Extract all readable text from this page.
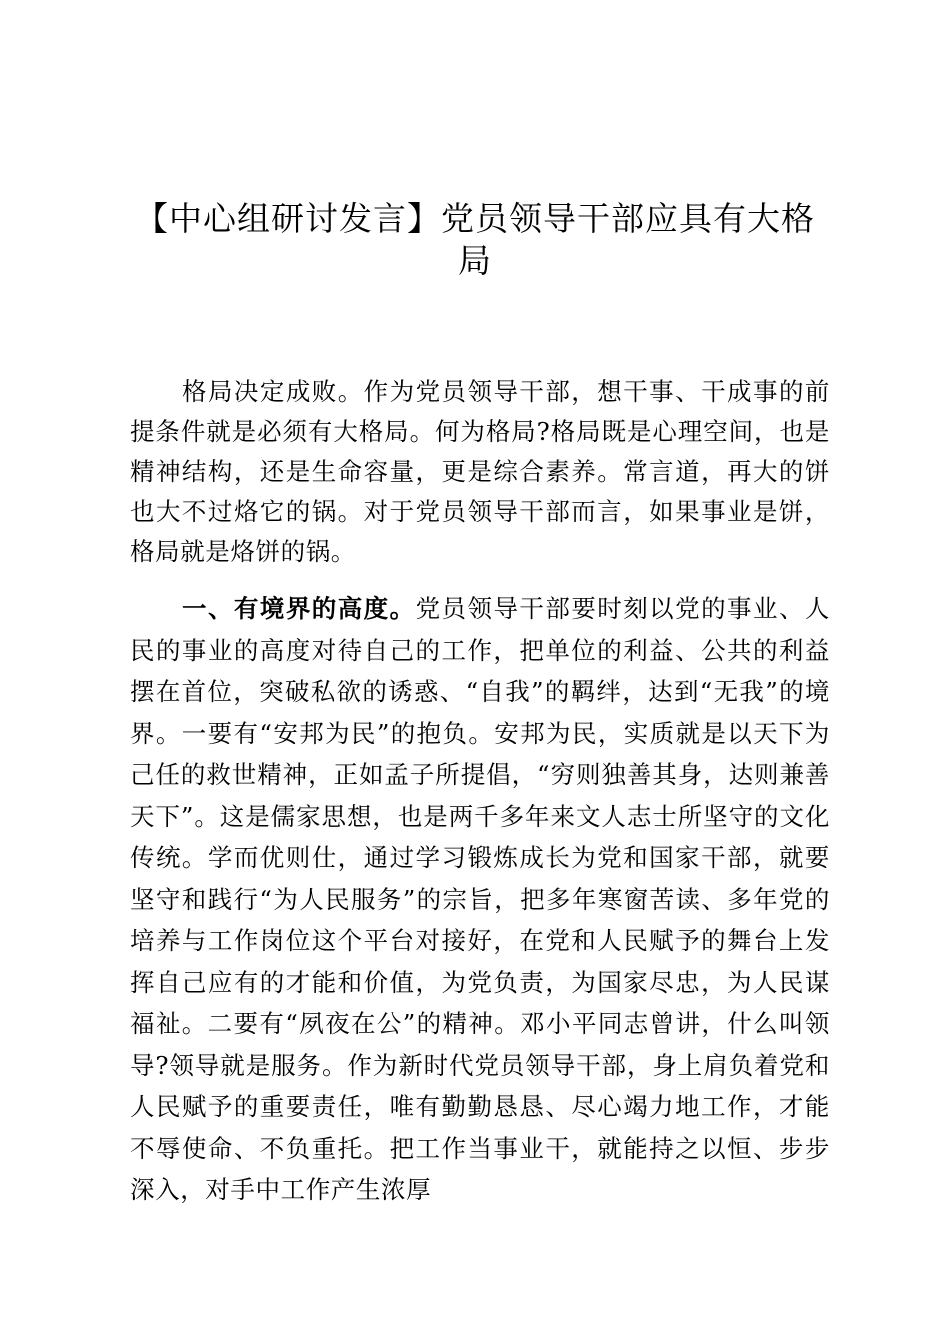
【中心组研讨发言】党员领导干部应具有大格局

格局决定成败。作为党员领导干部，想干事、干成事的前提条件就是必须有大格局。何为格局?格局既是心理空间，也是精神结构，还是生命容量，更是综合素养。常言道，再大的饼也大不过烙它的锅。对于党员领导干部而言，如果事业是饼，格局就是烙饼的锅。

一、有境界的高度。党员领导干部要时刻以党的事业、人民的事业的高度对待自己的工作，把单位的利益、公共的利益摆在首位，突破私欲的诱惑、“自我”的羁绊，达到“无我”的境界。一要有“安邦为民”的抱负。安邦为民，实质就是以天下为己任的救世精神，正如孟子所提倡，“穷则独善其身，达则兼善天下”。这是儒家思想，也是两千多年来文人志士所坚守的文化传统。学而优则仕，通过学习锻炼成长为党和国家干部，就要坚守和践行“为人民服务”的宗旨，把多年寒窗苦读、多年党的培养与工作岗位这个平台对接好，在党和人民赋予的舞台上发挥自己应有的才能和价值，为党负责，为国家尽忠，为人民谋福祉。二要有“夙夜在公”的精神。邓小平同志曾讲，什么叫领导?领导就是服务。作为新时代党员领导干部，身上肩负着党和人民赋予的重要责任，唯有勤勤恳恳、尽心竭力地工作，才能不辱使命、不负重托。把工作当事业干，就能持之以恒、步步深入，对手中工作产生浓厚
